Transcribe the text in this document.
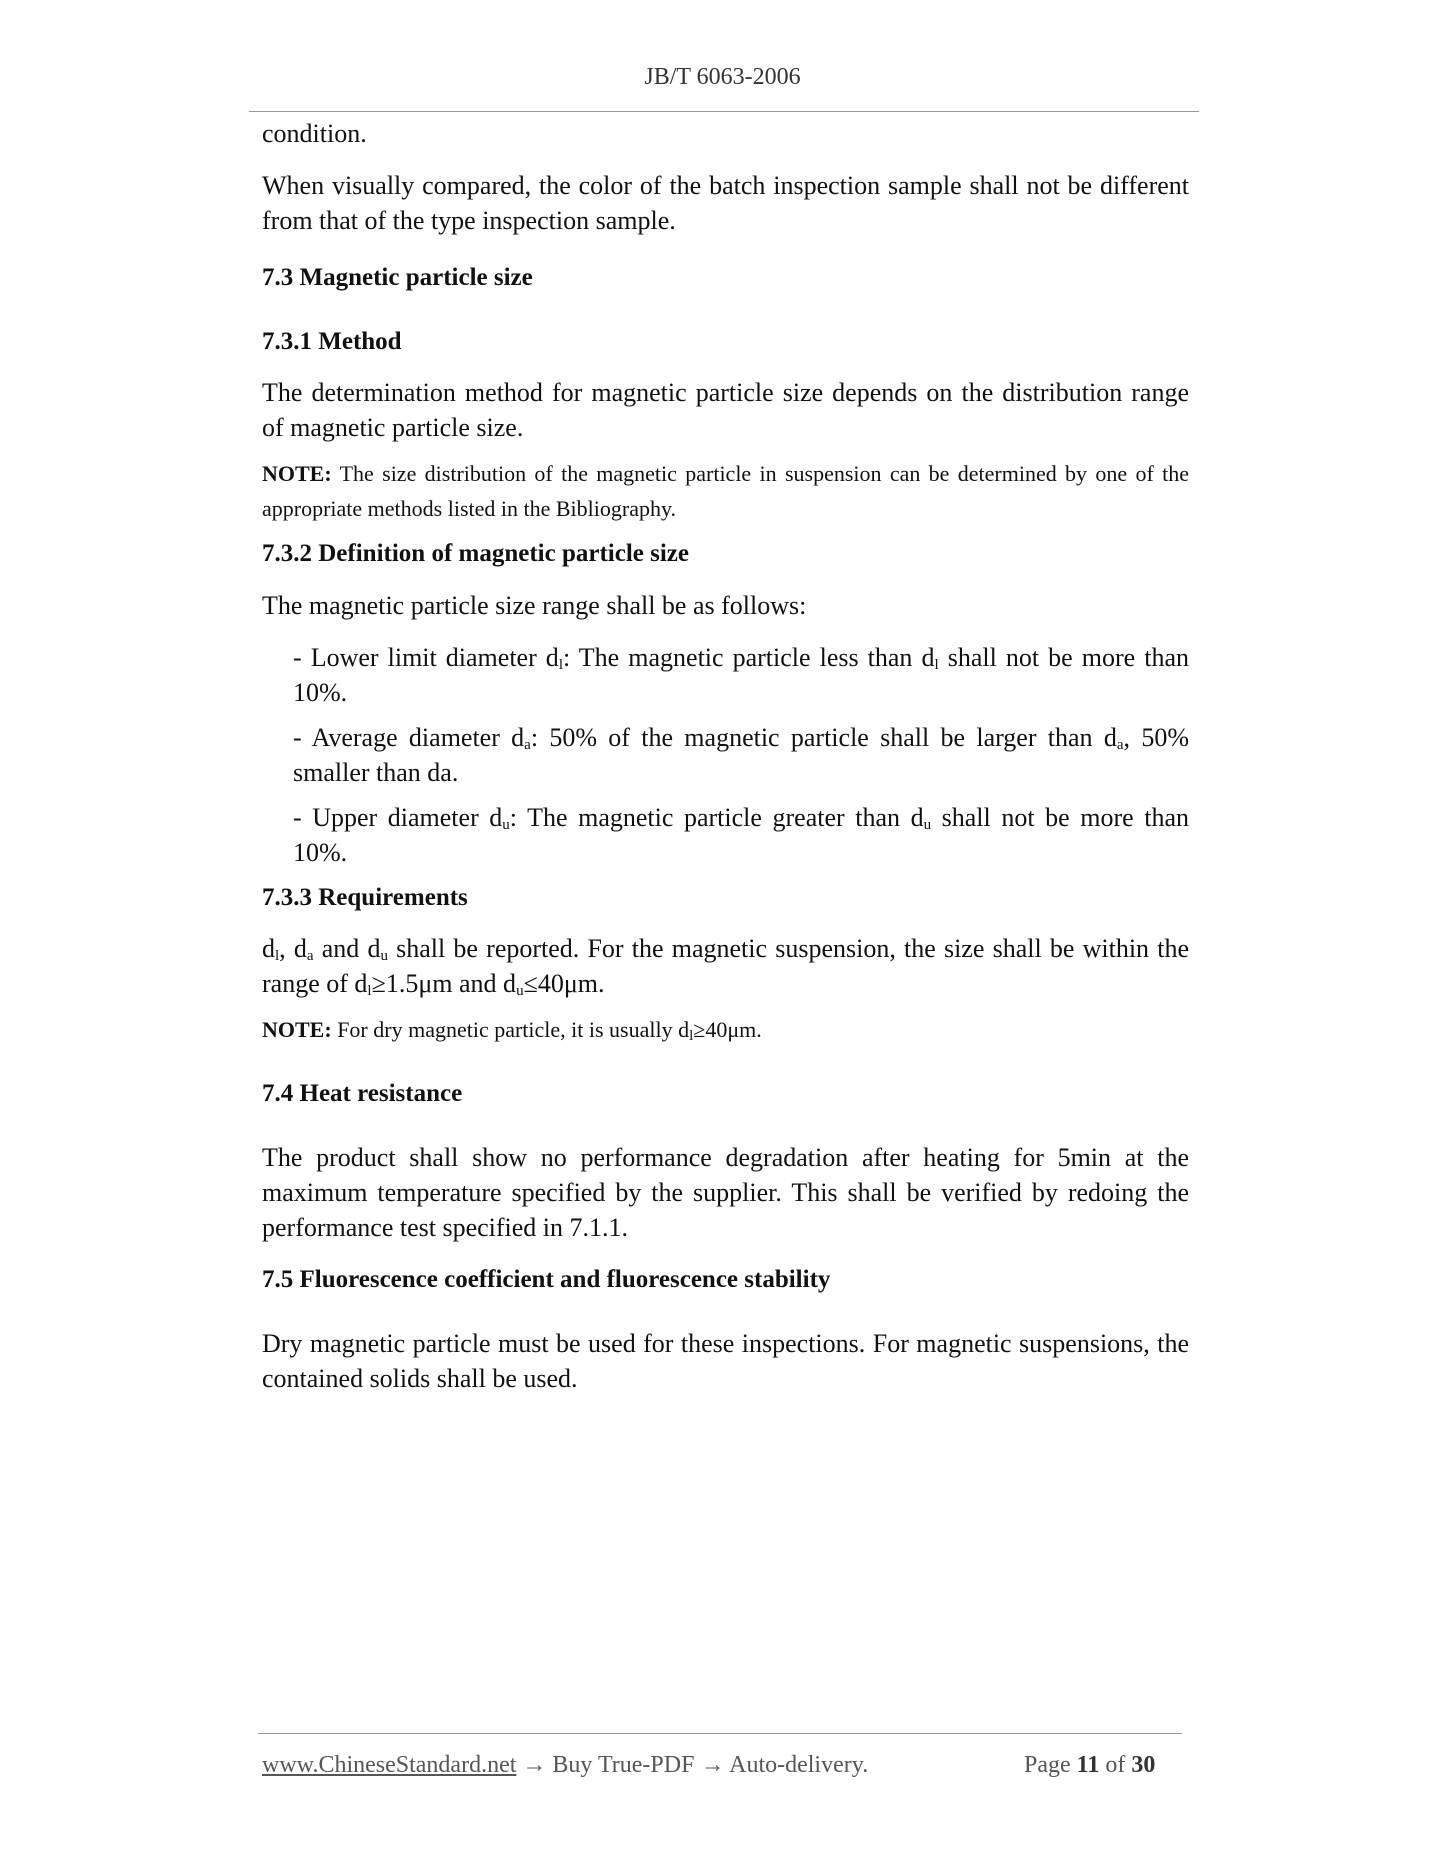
JB/T 6063-2006
condition.
When visually compared, the color of the batch inspection sample shall not be different from that of the type inspection sample.
7.3 Magnetic particle size
7.3.1 Method
The determination method for magnetic particle size depends on the distribution range of magnetic particle size.
NOTE: The size distribution of the magnetic particle in suspension can be determined by one of the appropriate methods listed in the Bibliography.
7.3.2 Definition of magnetic particle size
The magnetic particle size range shall be as follows:
- Lower limit diameter $d_l$: The magnetic particle less than $d_l$ shall not be more than 10%.
- Average diameter $d_a$: 50% of the magnetic particle shall be larger than $d_a$, 50% smaller than da.
- Upper diameter $d_u$: The magnetic particle greater than $d_u$ shall not be more than 10%.
7.3.3 Requirements
$d_l$, $d_a$ and $d_u$ shall be reported. For the magnetic suspension, the size shall be within the range of $d_l\ge 1.5\mu m$ and $d_u\le 40\mu m$.
NOTE: For dry magnetic particle, it is usually $d_l\ge 40\mu m$.
7.4 Heat resistance
The product shall show no performance degradation after heating for 5min at the maximum temperature specified by the supplier. This shall be verified by redoing the performance test specified in 7.1.1.
7.5 Fluorescence coefficient and fluorescence stability
Dry magnetic particle must be used for these inspections. For magnetic suspensions, the contained solids shall be used.
www.ChineseStandard.net → Buy True-PDF → Auto-delivery.	Page 11 of 30
